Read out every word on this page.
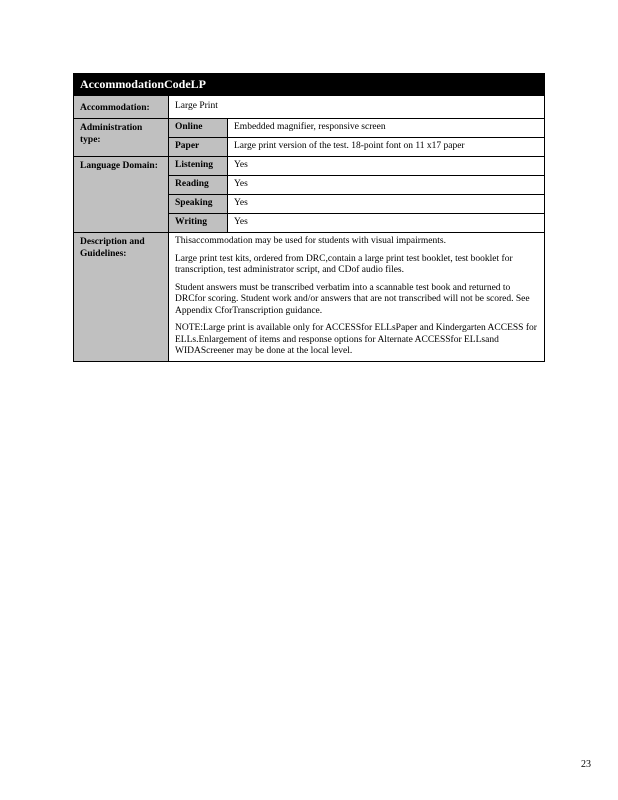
AccommodationCodeLP		
Accommodation:	Large Print	
Administration type:	Online	Embedded magnifier, responsive screen
	Paper	Large print version of the test. 18-point font on 11 x17 paper
Language Domain:	Listening	Yes
	Reading	Yes
	Speaking	Yes
	Writing	Yes
Description and Guidelines:	Thisaccommodation may be used for students with visual impairments.

Large print test kits, ordered from DRC,contain a large print test booklet, test booklet for transcription, test administrator script, and CDof audio files.

Student answers must be transcribed verbatim into a scannable test book and returned to DRCfor scoring. Student work and/or answers that are not transcribed will not be scored. See Appendix CforTranscription guidance.

NOTE:Large print is available only for ACCESSfor ELLsPaper and Kindergarten ACCESS for ELLs.Enlargement of items and response options for Alternate ACCESSfor ELLsand WIDAScreener may be done at the local level.	

23
